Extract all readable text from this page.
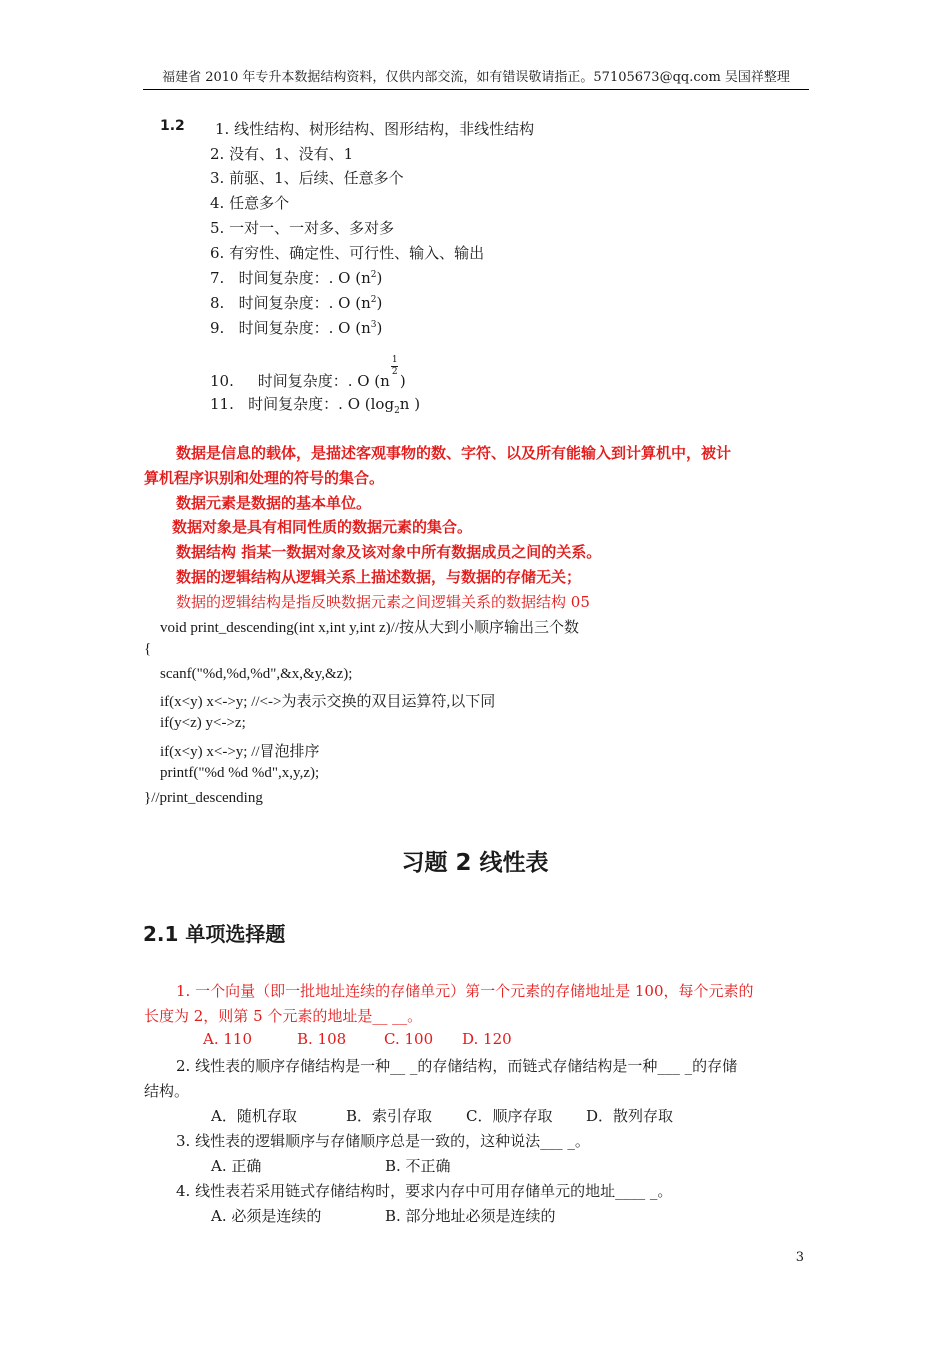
福建省 2010 年专升本数据结构资料，仅供内部交流，如有错误敬请指正。57105673@qq.com 吴国祥整理
1.2 1. 线性结构、树形结构、图形结构，非线性结构
2. 没有、1、没有、1
3. 前驱、1、后续、任意多个
4. 任意多个
5. 一对一、一对多、多对多
6. 有穷性、确定性、可行性、输入、输出
7. 时间复杂度：. O $(n^2)$
8. 时间复杂度：. O $(n^2)$
9. 时间复杂度：. O $(n^3)$
10. 时间复杂度：. O (n
$\frac{1}{2}$
)
11. 时间复杂度：. O ($\log_2n$ )
数据是信息的载体，是描述客观事物的数、字符、以及所有能输入到计算机中，被计
算机程序识别和处理的符号的集合。
数据元素是数据的基本单位。
数据对象是具有相同性质的数据元素的集合。
数据结构 指某一数据对象及该对象中所有数据成员之间的关系。
数据的逻辑结构从逻辑关系上描述数据，与数据的存储无关；
数据的逻辑结构是指反映数据元素之间逻辑关系的数据结构 05
void print_descending(int x,int y,int z)//按从大到小顺序输出三个数
{
scanf("%d,%d,%d",&x,&y,&z);
if(x<y) x<->y; //<->为表示交换的双目运算符,以下同
if(y<z) y<->z;
if(x<y) x<->y; //冒泡排序
printf("%d %d %d",x,y,z);
}//print_descending
习题 2 线性表
2.1 单项选择题
1. 一个向量（即一批地址连续的存储单元）第一个元素的存储地址是 100，每个元素的
长度为 2，则第 5 个元素的地址是__ __。
A. 110	B. 108	C. 100 D. 120
2. 线性表的顺序存储结构是一种__ _的存储结构，而链式存储结构是一种___ _的存储
结构。
A．随机存取	B．索引存取 C．顺序存取 D．散列存取
3. 线性表的逻辑顺序与存储顺序总是一致的，这种说法___ _。
A. 正确	B. 不正确
4. 线性表若采用链式存储结构时，要求内存中可用存储单元的地址____ _。
A. 必须是连续的	B. 部分地址必须是连续的
3
